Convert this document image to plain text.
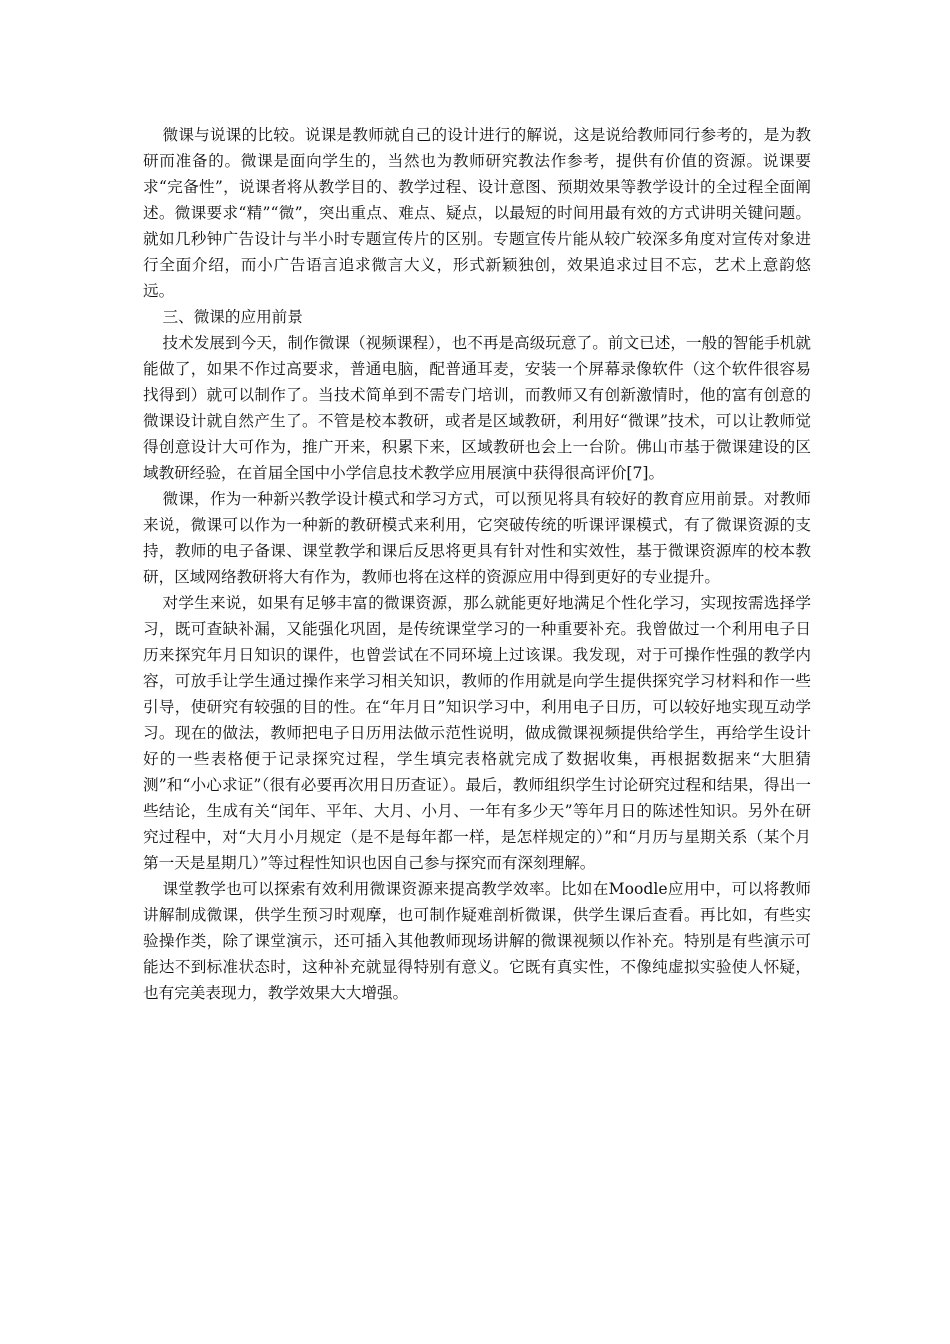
微课与说课的比较。说课是教师就自己的设计进行的解说，这是说给教师同行参考的，是为教研而准备的。微课是面向学生的，当然也为教师研究教法作参考，提供有价值的资源。说课要求“完备性”，说课者将从教学目的、教学过程、设计意图、预期效果等教学设计的全过程全面阐述。微课要求“精”“微”，突出重点、难点、疑点，以最短的时间用最有效的方式讲明关键问题。就如几秒钟广告设计与半小时专题宣传片的区别。专题宣传片能从较广较深多角度对宣传对象进行全面介绍，而小广告语言追求微言大义，形式新颖独创，效果追求过目不忘，艺术上意韵悠远。

三、微课的应用前景

技术发展到今天，制作微课（视频课程），也不再是高级玩意了。前文已述，一般的智能手机就能做了，如果不作过高要求，普通电脑，配普通耳麦，安装一个屏幕录像软件（这个软件很容易找得到）就可以制作了。当技术简单到不需专门培训，而教师又有创新激情时，他的富有创意的微课设计就自然产生了。不管是校本教研，或者是区域教研，利用好“微课”技术，可以让教师觉得创意设计大可作为，推广开来，积累下来，区域教研也会上一台阶。佛山市基于微课建设的区域教研经验，在首届全国中小学信息技术教学应用展演中获得很高评价[7]。

微课，作为一种新兴教学设计模式和学习方式，可以预见将具有较好的教育应用前景。对教师来说，微课可以作为一种新的教研模式来利用，它突破传统的听课评课模式，有了微课资源的支持，教师的电子备课、课堂教学和课后反思将更具有针对性和实效性，基于微课资源库的校本教研，区域网络教研将大有作为，教师也将在这样的资源应用中得到更好的专业提升。

对学生来说，如果有足够丰富的微课资源，那么就能更好地满足个性化学习，实现按需选择学习，既可查缺补漏，又能强化巩固，是传统课堂学习的一种重要补充。我曾做过一个利用电子日历来探究年月日知识的课件，也曾尝试在不同环境上过该课。我发现，对于可操作性强的教学内容，可放手让学生通过操作来学习相关知识，教师的作用就是向学生提供探究学习材料和作一些引导，使研究有较强的目的性。在“年月日”知识学习中，利用电子日历，可以较好地实现互动学习。现在的做法，教师把电子日历用法做示范性说明，做成微课视频提供给学生，再给学生设计好的一些表格便于记录探究过程，学生填完表格就完成了数据收集，再根据数据来“大胆猜测”和“小心求证”（很有必要再次用日历查证）。最后，教师组织学生讨论研究过程和结果，得出一些结论，生成有关“闰年、平年、大月、小月、一年有多少天”等年月日的陈述性知识。另外在研究过程中，对“大月小月规定（是不是每年都一样，是怎样规定的）”和“月历与星期关系（某个月第一天是星期几）”等过程性知识也因自己参与探究而有深刻理解。

课堂教学也可以探索有效利用微课资源来提高教学效率。比如在Moodle应用中，可以将教师讲解制成微课，供学生预习时观摩，也可制作疑难剖析微课，供学生课后查看。再比如，有些实验操作类，除了课堂演示，还可插入其他教师现场讲解的微课视频以作补充。特别是有些演示可能达不到标准状态时，这种补充就显得特别有意义。它既有真实性，不像纯虚拟实验使人怀疑，也有完美表现力，教学效果大大增强。
